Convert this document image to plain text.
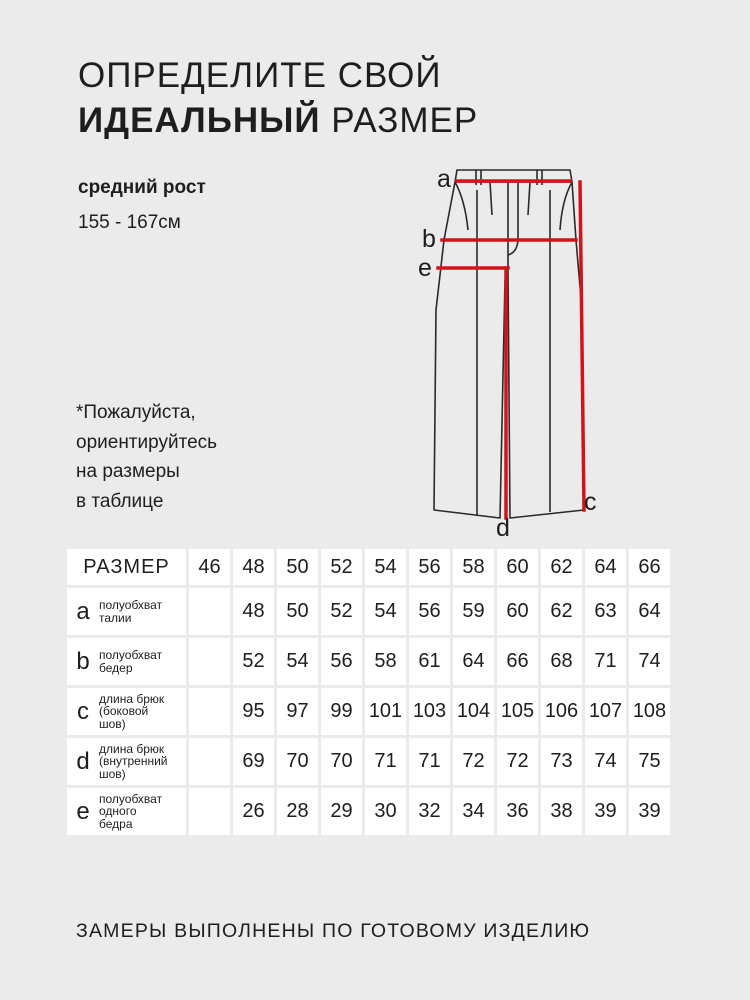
ОПРЕДЕЛИТЕ СВОЙ
ИДЕАЛЬНЫЙ РАЗМЕР
средний рост
155 - 167см
*Пожалуйста,
ориентируйтесь
на размеры
в таблице
a
b
e
c
d
РАЗМЕР	46	48	50	52	54	56	58	60	62	64	66

a полуобхват
талии		48	50	52	54	56	59	60	62	63	64

b полуобхват
бедер		52	54	56	58	61	64	66	68	71	74

c длина брюк
(боковой
шов)		95	97	99	101	103	104	105	106	107	108

d длина брюк
(внутренний
шов)		69	70	70	71	71	72	72	73	74	75

e полуобхват
одного
бедра		26	28	29	30	32	34	36	38	39	39
ЗАМЕРЫ ВЫПОЛНЕНЫ ПО ГОТОВОМУ ИЗДЕЛИЮ
